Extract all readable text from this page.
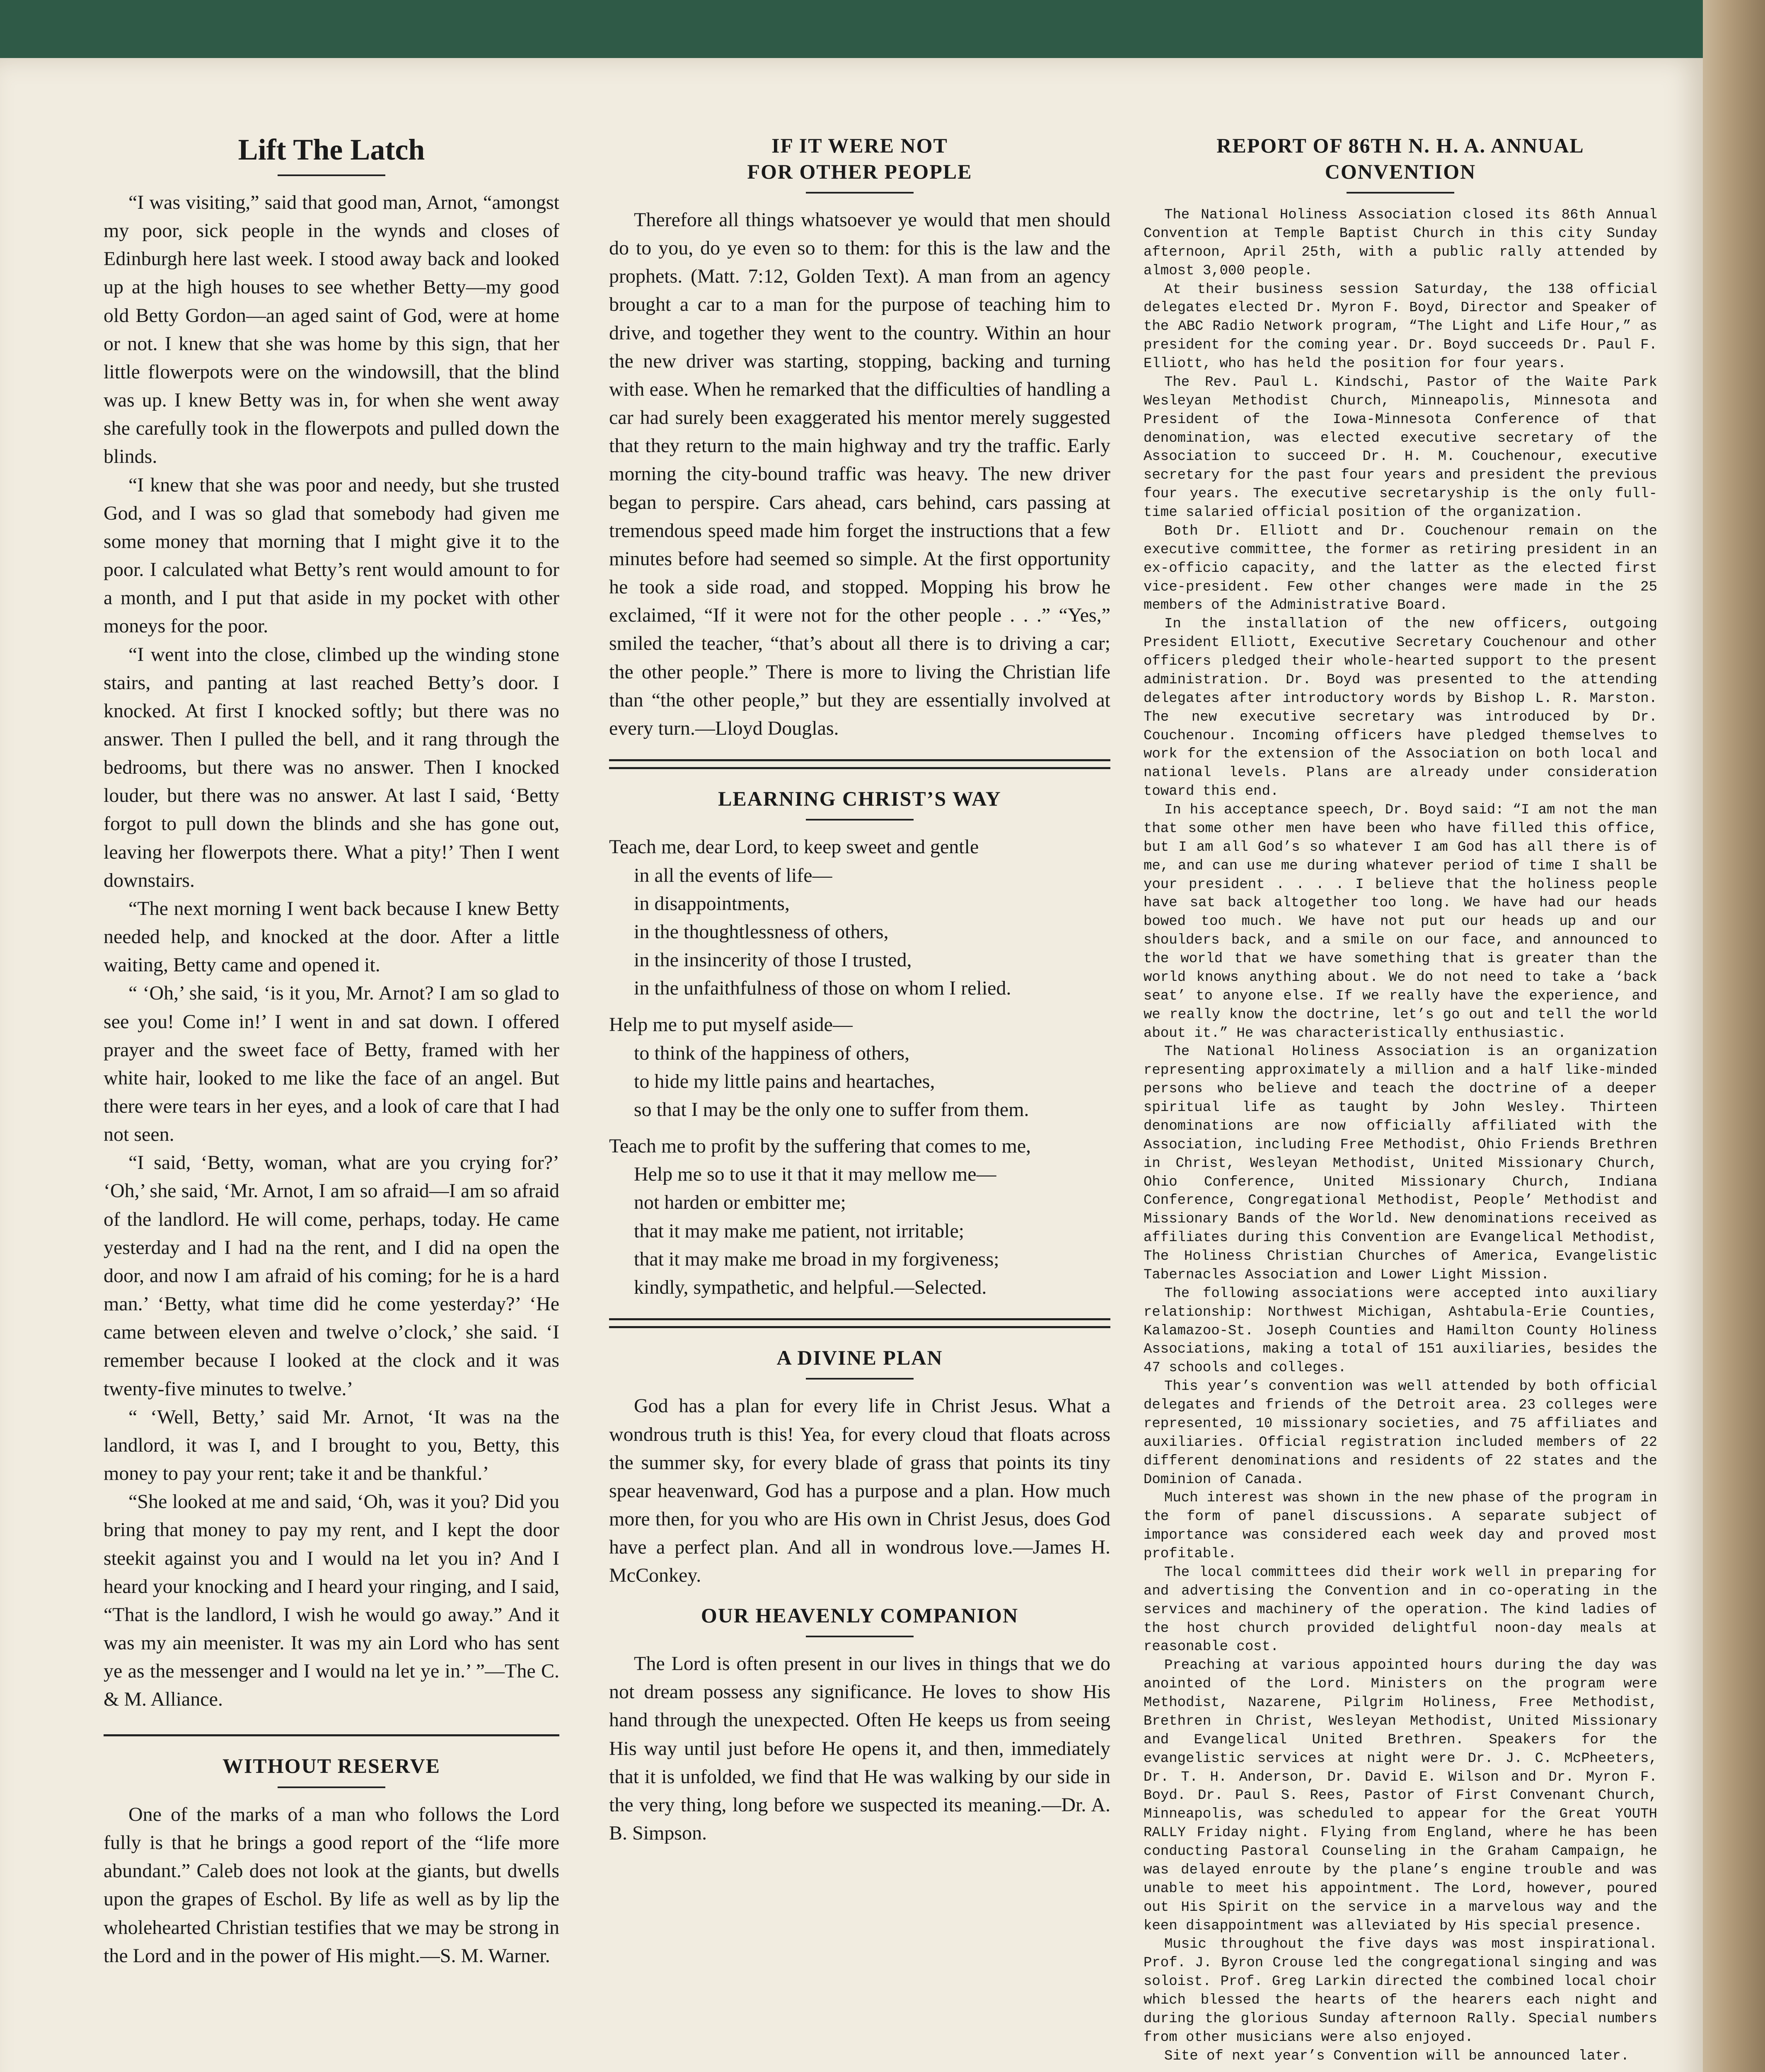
Lift The Latch

“I was visiting,” said that good man, Arnot, “amongst my poor, sick people in the wynds and closes of Edinburgh here last week. I stood away back and looked up at the high houses to see whether Betty—my good old Betty Gordon—an aged saint of God, were at home or not. I knew that she was home by this sign, that her little flowerpots were on the windowsill, that the blind was up. I knew Betty was in, for when she went away she carefully took in the flowerpots and pulled down the blinds.

“I knew that she was poor and needy, but she trusted God, and I was so glad that somebody had given me some money that morning that I might give it to the poor. I calculated what Betty’s rent would amount to for a month, and I put that aside in my pocket with other moneys for the poor.

“I went into the close, climbed up the winding stone stairs, and panting at last reached Betty’s door. I knocked. At first I knocked softly; but there was no answer. Then I pulled the bell, and it rang through the bedrooms, but there was no answer. Then I knocked louder, but there was no answer. At last I said, ‘Betty forgot to pull down the blinds and she has gone out, leaving her flowerpots there. What a pity!’ Then I went downstairs.

“The next morning I went back because I knew Betty needed help, and knocked at the door. After a little waiting, Betty came and opened it.

“ ‘Oh,’ she said, ‘is it you, Mr. Arnot? I am so glad to see you! Come in!’ I went in and sat down. I offered prayer and the sweet face of Betty, framed with her white hair, looked to me like the face of an angel. But there were tears in her eyes, and a look of care that I had not seen.

“I said, ‘Betty, woman, what are you crying for?’ ‘Oh,’ she said, ‘Mr. Arnot, I am so afraid—I am so afraid of the landlord. He will come, perhaps, today. He came yesterday and I had na the rent, and I did na open the door, and now I am afraid of his coming; for he is a hard man.’ ‘Betty, what time did he come yesterday?’ ‘He came between eleven and twelve o’clock,’ she said. ‘I remember because I looked at the clock and it was twenty-five minutes to twelve.’

“ ‘Well, Betty,’ said Mr. Arnot, ‘It was na the landlord, it was I, and I brought to you, Betty, this money to pay your rent; take it and be thankful.’

“She looked at me and said, ‘Oh, was it you? Did you bring that money to pay my rent, and I kept the door steekit against you and I would na let you in? And I heard your knocking and I heard your ringing, and I said, “That is the landlord, I wish he would go away.” And it was my ain meenister. It was my ain Lord who has sent ye as the messenger and I would na let ye in.’ ”—The C. & M. Alliance.

WITHOUT RESERVE

One of the marks of a man who follows the Lord fully is that he brings a good report of the “life more abundant.” Caleb does not look at the giants, but dwells upon the grapes of Eschol. By life as well as by lip the wholehearted Christian testifies that we may be strong in the Lord and in the power of His might.—S. M. Warner.

IF IT WERE NOT
FOR OTHER PEOPLE

Therefore all things whatsoever ye would that men should do to you, do ye even so to them: for this is the law and the prophets. (Matt. 7:12, Golden Text). A man from an agency brought a car to a man for the purpose of teaching him to drive, and together they went to the country. Within an hour the new driver was starting, stopping, backing and turning with ease. When he remarked that the difficulties of handling a car had surely been exaggerated his mentor merely suggested that they return to the main highway and try the traffic. Early morning the city-bound traffic was heavy. The new driver began to perspire. Cars ahead, cars behind, cars passing at tremendous speed made him forget the instructions that a few minutes before had seemed so simple. At the first opportunity he took a side road, and stopped. Mopping his brow he exclaimed, “If it were not for the other people . . .” “Yes,” smiled the teacher, “that’s about all there is to driving a car; the other people.” There is more to living the Christian life than “the other people,” but they are essentially involved at every turn.—Lloyd Douglas.

LEARNING CHRIST’S WAY
Teach me, dear Lord, to keep sweet and gentle
in all the events of life—
in disappointments,
in the thoughtlessness of others,
in the insincerity of those I trusted,
in the unfaithfulness of those on whom I relied.
Help me to put myself aside—
to think of the happiness of others,
to hide my little pains and heartaches,
so that I may be the only one to suffer from them.
Teach me to profit by the suffering that comes to me,
Help me so to use it that it may mellow me—
not harden or embitter me;
that it may make me patient, not irritable;
that it may make me broad in my forgiveness;
kindly, sympathetic, and helpful.—Selected.
A DIVINE PLAN

God has a plan for every life in Christ Jesus. What a wondrous truth is this! Yea, for every cloud that floats across the summer sky, for every blade of grass that points its tiny spear heavenward, God has a purpose and a plan. How much more then, for you who are His own in Christ Jesus, does God have a perfect plan. And all in wondrous love.—James H. McConkey.

OUR HEAVENLY COMPANION

The Lord is often present in our lives in things that we do not dream possess any significance. He loves to show His hand through the unexpected. Often He keeps us from seeing His way until just before He opens it, and then, immediately that it is unfolded, we find that He was walking by our side in the very thing, long before we suspected its meaning.—Dr. A. B. Simpson.

REPORT OF 86TH N. H. A. ANNUAL
CONVENTION

The National Holiness Association closed its 86th Annual Convention at Temple Baptist Church in this city Sunday afternoon, April 25th, with a public rally attended by almost 3,000 people.

At their business session Saturday, the 138 official delegates elected Dr. Myron F. Boyd, Director and Speaker of the ABC Radio Network program, “The Light and Life Hour,” as president for the coming year. Dr. Boyd succeeds Dr. Paul F. Elliott, who has held the position for four years.

The Rev. Paul L. Kindschi, Pastor of the Waite Park Wesleyan Methodist Church, Minneapolis, Minnesota and President of the Iowa-Minnesota Conference of that denomination, was elected executive secretary of the Association to succeed Dr. H. M. Couchenour, executive secretary for the past four years and president the previous four years. The executive secretaryship is the only full-time salaried official position of the organization.

Both Dr. Elliott and Dr. Couchenour remain on the executive committee, the former as retiring president in an ex-officio capacity, and the latter as the elected first vice-president. Few other changes were made in the 25 members of the Administrative Board.

In the installation of the new officers, outgoing President Elliott, Executive Secretary Couchenour and other officers pledged their whole-hearted support to the present administration. Dr. Boyd was presented to the attending delegates after introductory words by Bishop L. R. Marston. The new executive secretary was introduced by Dr. Couchenour. Incoming officers have pledged themselves to work for the extension of the Association on both local and national levels. Plans are already under consideration toward this end.

In his acceptance speech, Dr. Boyd said: “I am not the man that some other men have been who have filled this office, but I am all God’s so whatever I am God has all there is of me, and can use me during whatever period of time I shall be your president . . . . I believe that the holiness people have sat back altogether too long. We have had our heads bowed too much. We have not put our heads up and our shoulders back, and a smile on our face, and announced to the world that we have something that is greater than the world knows anything about. We do not need to take a ‘back seat’ to anyone else. If we really have the experience, and we really know the doctrine, let’s go out and tell the world about it.” He was characteristically enthusiastic.

The National Holiness Association is an organization representing approximately a million and a half like-minded persons who believe and teach the doctrine of a deeper spiritual life as taught by John Wesley. Thirteen denominations are now officially affiliated with the Association, including Free Methodist, Ohio Friends Brethren in Christ, Wesleyan Methodist, United Missionary Church, Ohio Conference, United Missionary Church, Indiana Conference, Congregational Methodist, People’ Methodist and Missionary Bands of the World. New denominations received as affiliates during this Convention are Evangelical Methodist, The Holiness Christian Churches of America, Evangelistic Tabernacles Association and Lower Light Mission.

The following associations were accepted into auxiliary relationship: Northwest Michigan, Ashtabula-Erie Counties, Kalamazoo-St. Joseph Counties and Hamilton County Holiness Associations, making a total of 151 auxiliaries, besides the 47 schools and colleges.

This year’s convention was well attended by both official delegates and friends of the Detroit area. 23 colleges were represented, 10 missionary societies, and 75 affiliates and auxiliaries. Official registration included members of 22 different denominations and residents of 22 states and the Dominion of Canada.

Much interest was shown in the new phase of the program in the form of panel discussions. A separate subject of importance was considered each week day and proved most profitable.

The local committees did their work well in preparing for and advertising the Convention and in co-operating in the services and machinery of the operation. The kind ladies of the host church provided delightful noon-day meals at reasonable cost.

Preaching at various appointed hours during the day was anointed of the Lord. Ministers on the program were Methodist, Nazarene, Pilgrim Holiness, Free Methodist, Brethren in Christ, Wesleyan Methodist, United Missionary and Evangelical United Brethren. Speakers for the evangelistic services at night were Dr. J. C. McPheeters, Dr. T. H. Anderson, Dr. David E. Wilson and Dr. Myron F. Boyd. Dr. Paul S. Rees, Pastor of First Convenant Church, Minneapolis, was scheduled to appear for the Great YOUTH RALLY Friday night. Flying from England, where he has been conducting Pastoral Counseling in the Graham Campaign, he was delayed enroute by the plane’s engine trouble and was unable to meet his appointment. The Lord, however, poured out His Spirit on the service in a marvelous way and the keen disappointment was alleviated by His special presence.

Music throughout the five days was most inspirational. Prof. J. Byron Crouse led the congregational singing and was soloist. Prof. Greg Larkin directed the combined local choir which blessed the hearts of the hearers each night and during the glorious Sunday afternoon Rally. Special numbers from other musicians were also enjoyed.

Site of next year’s Convention will be announced later.
